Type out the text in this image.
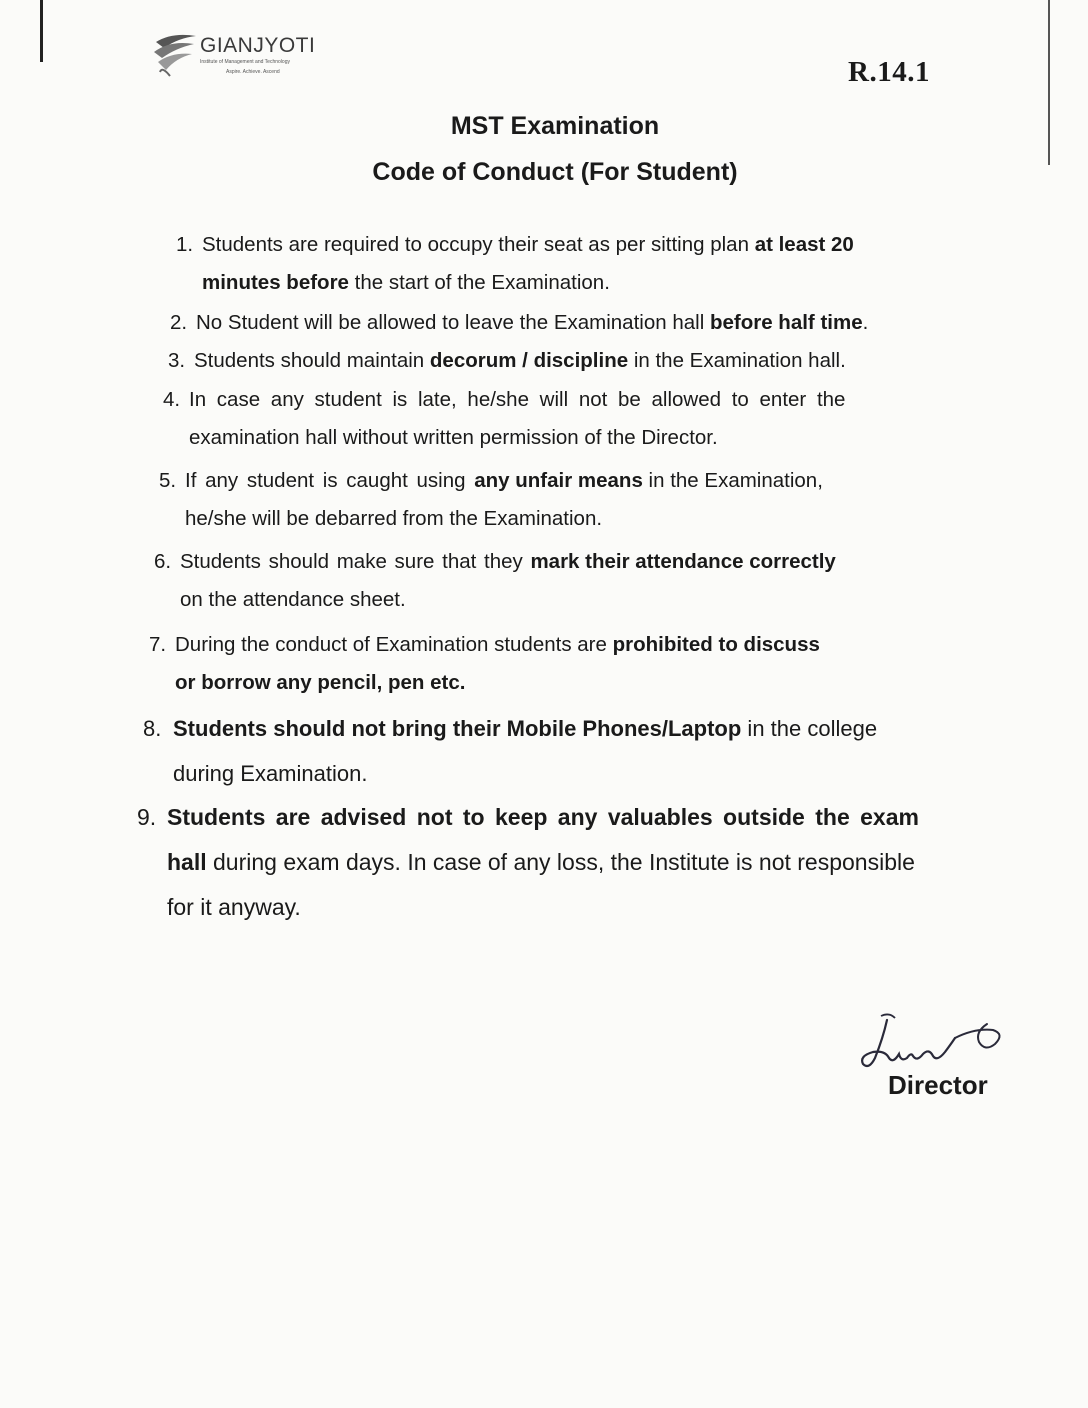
GIANJYOTI
Institute of Management and Technology
Aspire. Achieve. Ascend	R.14.1
MST Examination
Code of Conduct (For Student)
1. Students are required to occupy their seat as per sitting plan at least 20
minutes before the start of the Examination.
2. No Student will be allowed to leave the Examination hall before half time.
3. Students should maintain decorum / discipline in the Examination hall.
4. In case any student is late, he/she will not be allowed to enter the
examination hall without written permission of the Director.
5. If any student is caught using any unfair means in the Examination,
he/she will be debarred from the Examination.
6. Students should make sure that they mark their attendance correctly
on the attendance sheet.
7. During the conduct of Examination students are prohibited to discuss
or borrow any pencil, pen etc.
8. Students should not bring their Mobile Phones/Laptop in the college
during Examination.
9. Students are advised not to keep any valuables outside the exam
hall during exam days. In case of any loss, the Institute is not responsible
for it anyway.
Director
